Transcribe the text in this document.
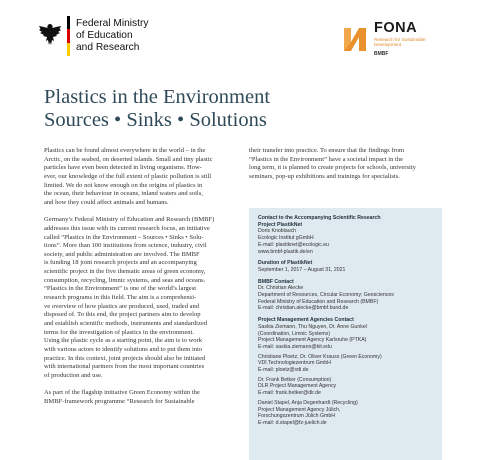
Federal Ministry
of Education
and Research
FONA
Research for Sustainable Development
BMBF
Plastics in the Environment
Sources • Sinks • Solutions

Plastics can be found almost everywhere in the world – in the
Arctic, on the seabed, on deserted islands. Small and tiny plastic
particles have even been detected in living organisms. How-
ever, our knowledge of the full extent of plastic pollution is still
limited. We do not know enough on the origins of plastics in
the ocean, their behaviour in oceans, inland waters and soils,
and how they could affect animals and humans.

Germany’s Federal Ministry of Education and Research (BMBF)
addresses this issue with its current research focus, an initiative
called “Plastics in the Environment – Sources • Sinks • Solu-
tions”. More than 100 institutions from science, industry, civil
society, and public administration are involved. The BMBF
is funding 18 joint research projects and an accompanying
scientific project in the five thematic areas of green economy,
consumption, recycling, limnic systems, and seas and oceans.
“Plastics in the Environment” is one of the world’s largest
research programs in this field. The aim is a comprehensi-
ve overview of how plastics are produced, used, traded and
disposed of. To this end, the project partners aim to develop
and establish scientific methods, instruments and standardized
terms for the investigation of plastics in the environment.
Using the plastic cycle as a starting point, the aim is to work
with various actors to identify solutions and to put them into
practice. In this context, joint projects should also be initiated
with international partners from the most important countries
of production and use.

As part of the flagship initiative Green Economy within the
BMBF-framework programme “Research for Sustainable

their transfer into practice. To ensure that the findings from
“Plastics in the Environment” have a societal impact in the
long term, it is planned to create projects for schools, university
seminars, pop-up exhibitions and trainings for specialists.

Contact to the Accompanying Scientific Research
Project PlastikNet
Doris Knoblauch
Ecologic Institut gGmbH
E-mail: plastiknet@ecologic.eu
www.bmbf-plastik.de/en
Duration of PlastikNet
September 1, 2017 – August 31, 2021
BMBF Contact
Dr. Christian Alecke
Department of Resources, Circular Economy; Geosciences
Federal Ministry of Education and Research (BMBF)
E-mail: christian.alecke@bmbf.bund.de
Project Management Agencies Contact
Saskia Ziemann, Thu Nguyen, Dr. Anne Gunkel
(Coordination, Limnic Systems)
Project Management Agency Karlsruhe (PTKA)
E-mail: saskia.ziemann@kit.edu
Christiane Ploetz, Dr. Oliver Krauss (Green Economy)
VDI Technologiezentrum GmbH
E-mail: ploetz@vdi.de
Dr. Frank Betker (Consumption)
DLR Project Management Agency
E-mail: frank.betker@dlr.de
Daniel Stapel, Anja Degenhardt (Recycling)
Project Management Agency Jülich,
Forschungszentrum Jülich GmbH
E-mail: d.stapel@fz-juelich.de
